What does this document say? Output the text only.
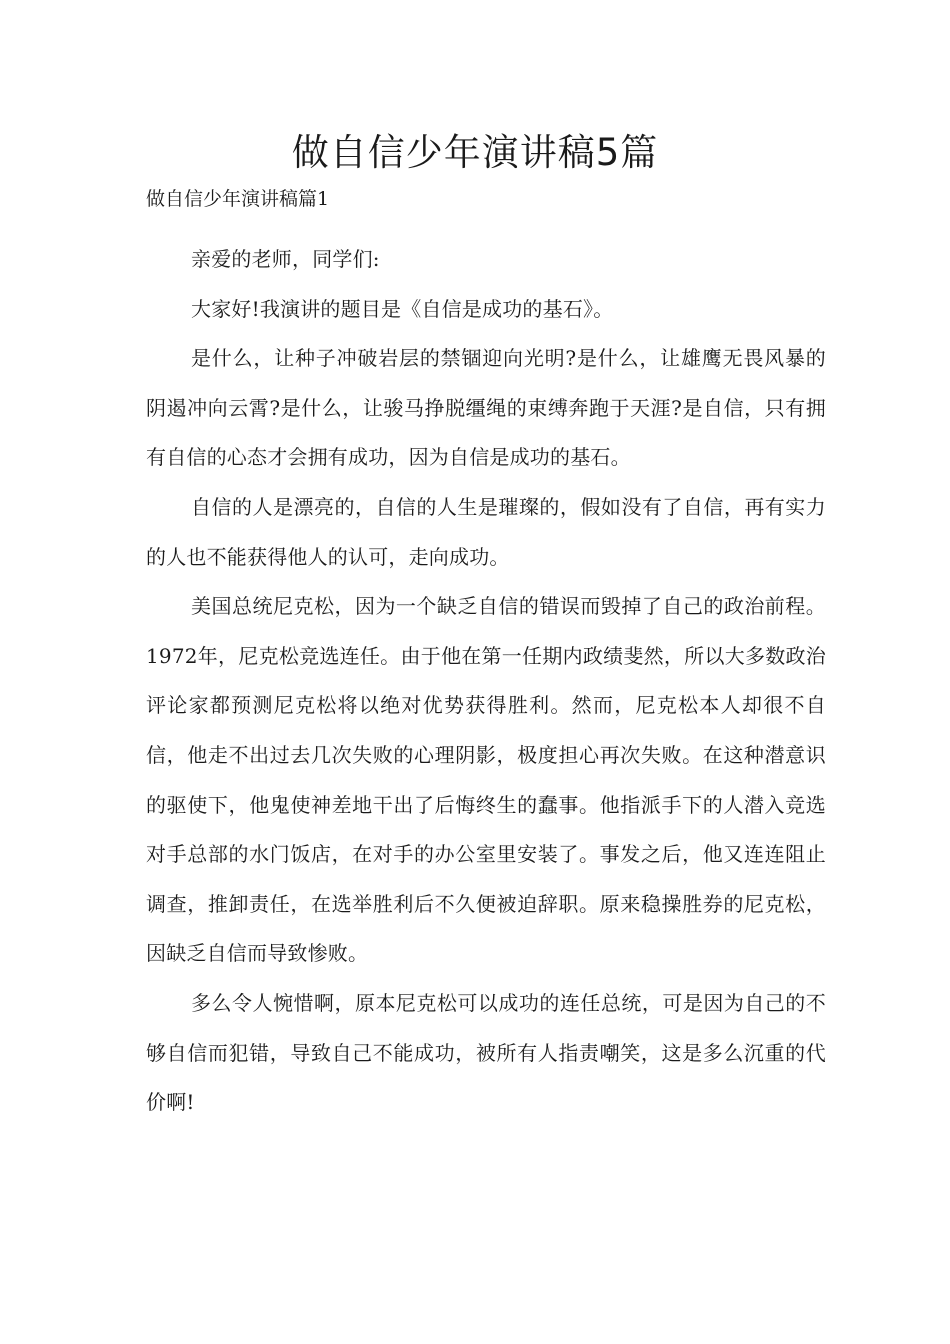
做自信少年演讲稿5篇

做自信少年演讲稿篇1

亲爱的老师，同学们:

大家好!我演讲的题目是《自信是成功的基石》。

是什么，让种子冲破岩层的禁锢迎向光明?是什么，让雄鹰无畏风暴的阴遏冲向云霄?是什么，让骏马挣脱缰绳的束缚奔跑于天涯?是自信，只有拥有自信的心态才会拥有成功，因为自信是成功的基石。

自信的人是漂亮的，自信的人生是璀璨的，假如没有了自信，再有实力的人也不能获得他人的认可，走向成功。

美国总统尼克松，因为一个缺乏自信的错误而毁掉了自己的政治前程。1972年，尼克松竞选连任。由于他在第一任期内政绩斐然，所以大多数政治评论家都预测尼克松将以绝对优势获得胜利。然而，尼克松本人却很不自信，他走不出过去几次失败的心理阴影，极度担心再次失败。在这种潜意识的驱使下，他鬼使神差地干出了后悔终生的蠢事。他指派手下的人潜入竞选对手总部的水门饭店，在对手的办公室里安装了。事发之后，他又连连阻止调查，推卸责任，在选举胜利后不久便被迫辞职。原来稳操胜券的尼克松，因缺乏自信而导致惨败。

多么令人惋惜啊，原本尼克松可以成功的连任总统，可是因为自己的不够自信而犯错，导致自己不能成功，被所有人指责嘲笑，这是多么沉重的代价啊!
